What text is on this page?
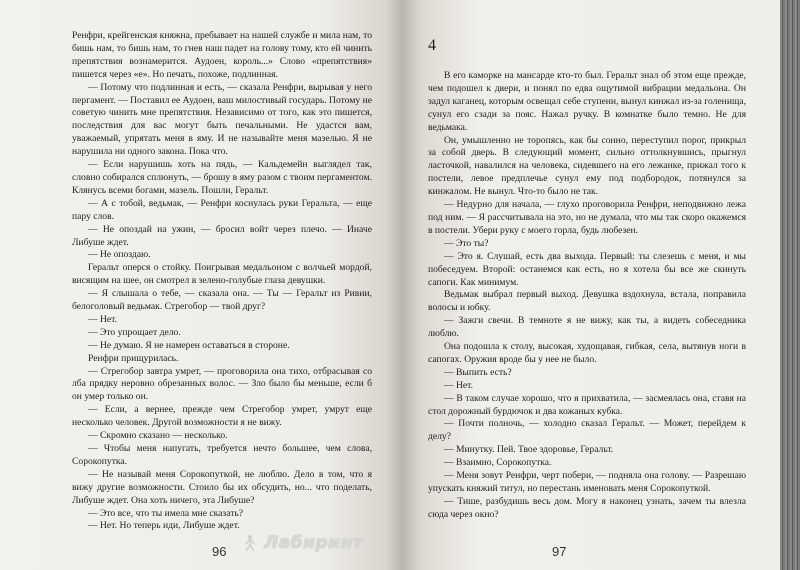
Ренфри, крейгенская княжна, пребывает на нашей службе и мила нам, то бишь нам, то бишь нам, то гнев наш падет на голову тому, кто ей чинить препятствия вознамерится. Аудоен, король...» Слово «препятствия» пишется через «е». Но печать, похоже, подлинная.

— Потому что подлинная и есть, — сказала Ренфри, вырывая у него пергамент. — Поставил ее Аудоен, ваш милостивый государь. Потому не советую чинить мне препятствия. Независимо от того, как это пишется, последствия для вас могут быть печальными. Не удастся вам, уважаемый, упрятать меня в яму. И не называйте меня мазелью. Я не нарушила ни одного закона. Пока что.

— Если нарушишь хоть на пядь, — Кальдемейн выглядел так, словно собирался сплюнуть, — брошу в яму разом с твоим пергаментом. Клянусь всеми богами, мазель. Пошли, Геральт.

— А с тобой, ведьмак, — Ренфри коснулась руки Геральта, — еще пару слов.

— Не опоздай на ужин, — бросил войт через плечо. — Иначе Либуше ждет.

— Не опоздаю.

Геральт оперся о стойку. Поигрывая медальоном с волчьей мордой, висящим на шее, он смотрел в зелено-голубые глаза девушки.

— Я слышала о тебе, — сказала она. — Ты — Геральт из Ривии, белоголовый ведьмак. Стрегобор — твой друг?

— Нет.

— Это упрощает дело.

— Не думаю. Я не намерен оставаться в стороне.

Ренфри прищурилась.

— Стрегобор завтра умрет, — проговорила она тихо, отбрасывая со лба прядку неровно обрезанных волос. — Зло было бы меньше, если б он умер только он.

— Если, а вернее, прежде чем Стрегобор умрет, умрут еще несколько человек. Другой возможности я не вижу.

— Скромно сказано — несколько.

— Чтобы меня напугать, требуется нечто большее, чем слова, Сорокопутка.

— Не называй меня Сорокопуткой, не люблю. Дело в том, что я вижу другие возможности. Стоило бы их обсудить, но... что поделать, Либуше ждет. Она хоть ничего, эта Либуше?

— Это все, что ты имела мне сказать?

— Нет. Но теперь иди, Либуше ждет.

96
4

В его каморке на мансарде кто-то был. Геральт знал об этом еще прежде, чем подошел к двери, и понял по едва ощутимой вибрации медальона. Он задул каганец, которым освещал себе ступени, вынул кинжал из-за голенища, сунул его сзади за пояс. Нажал ручку. В комнатке было темно. Не для ведьмака.

Он, умышленно не торопясь, как бы сонно, переступил порог, прикрыл за собой дверь. В следующий момент, сильно оттолкнувшись, прыгнул ласточкой, навалился на человека, сидевшего на его лежанке, прижал того к постели, левое предплечье сунул ему под подбородок, потянулся за кинжалом. Не вынул. Что-то было не так.

— Недурно для начала, — глухо проговорила Ренфри, неподвижно лежа под ним. — Я рассчитывала на это, но не думала, что мы так скоро окажемся в постели. Убери руку с моего горла, будь любезен.

— Это ты?

— Это я. Слушай, есть два выхода. Первый: ты слезешь с меня, и мы побеседуем. Второй: останемся как есть, но я хотела бы все же скинуть сапоги. Как минимум.

Ведьмак выбрал первый выход. Девушка вздохнула, встала, поправила волосы и юбку.

— Зажги свечи. В темноте я не вижу, как ты, а видеть собеседника люблю.

Она подошла к столу, высокая, худощавая, гибкая, села, вытянув ноги в сапогах. Оружия вроде бы у нее не было.

— Выпить есть?

— Нет.

— В таком случае хорошо, что я прихватила, — засмеялась она, ставя на стол дорожный бурдючок и два кожаных кубка.

— Почти полночь, — холодно сказал Геральт. — Может, перейдем к делу?

— Минутку. Пей. Твое здоровье, Геральт.

— Взаимно, Сорокопутка.

— Меня зовут Ренфри, черт побери, — подняла она голову. — Разрешаю упускать княжий титул, но перестань именовать меня Сорокопуткой.

— Тише, разбудишь весь дом. Могу я наконец узнать, зачем ты влезла сюда через окно?

97
Лабиринт
